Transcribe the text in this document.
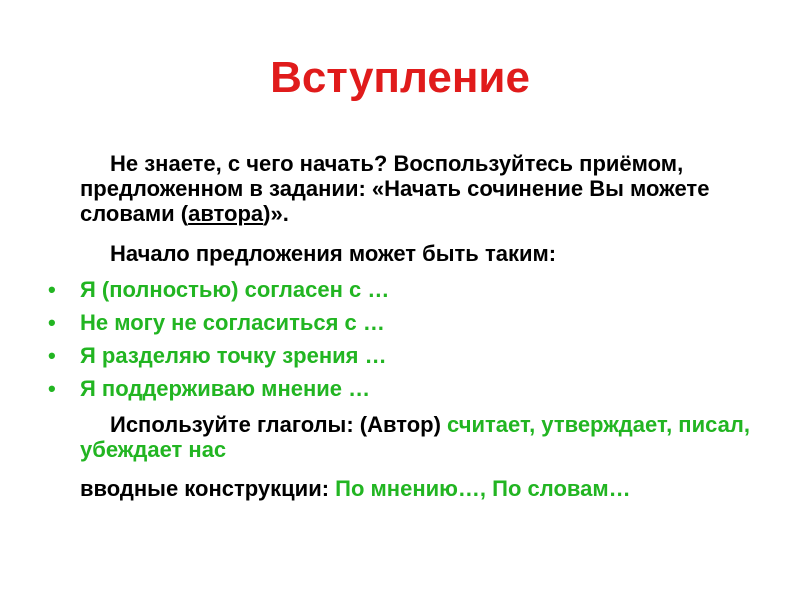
Вступление
Не знаете, с чего начать? Воспользуйтесь приёмом, предложенном в задании: «Начать сочинение Вы можете словами (автора)».
Начало предложения может быть таким:
• Я (полностью) согласен с …
• Не могу не согласиться с …
• Я разделяю точку зрения …
• Я поддерживаю мнение …
Используйте глаголы: (Автор) считает, утверждает, писал, убеждает нас
вводные конструкции: По мнению…, По словам…
